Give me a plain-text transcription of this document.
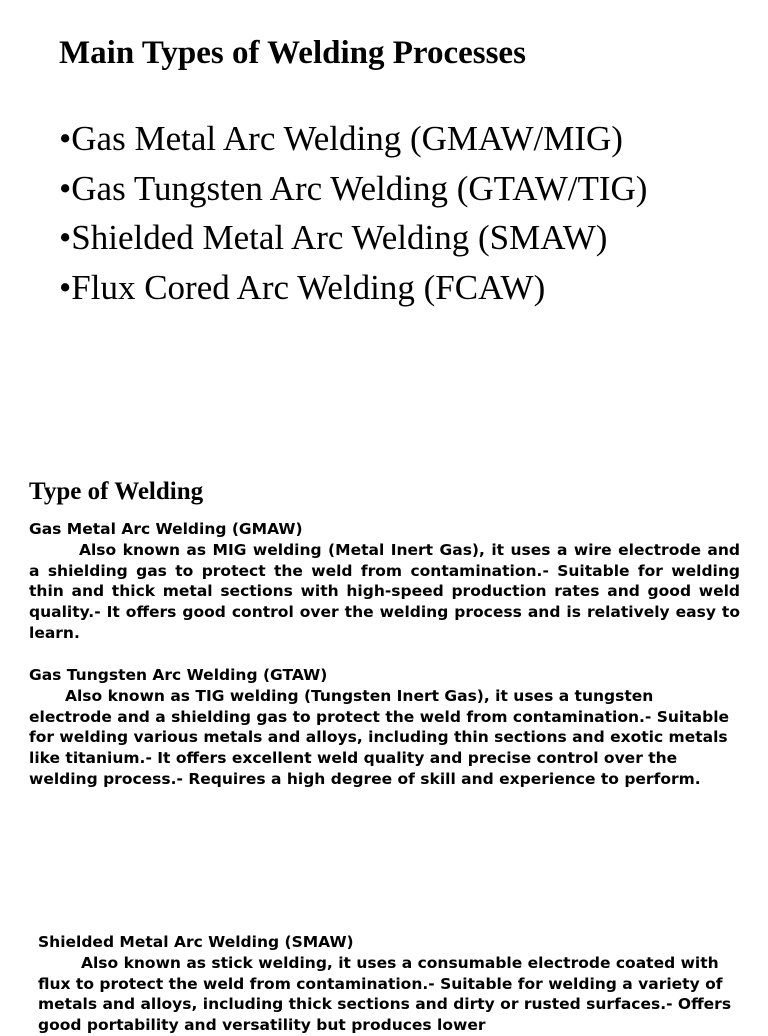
Main Types of Welding Processes
• Gas Metal Arc Welding (GMAW/MIG)
• Gas Tungsten Arc Welding (GTAW/TIG)
• Shielded Metal Arc Welding (SMAW)
• Flux Cored Arc Welding (FCAW)
Type of Welding

Gas Metal Arc Welding (GMAW)

Also known as MIG welding (Metal Inert Gas), it uses a wire electrode and a shielding gas to protect the weld from contamination.- Suitable for welding thin and thick metal sections with high-speed production rates and good weld quality.- It offers good control over the welding process and is relatively easy to learn.

Gas Tungsten Arc Welding (GTAW)

Also known as TIG welding (Tungsten Inert Gas), it uses a tungsten electrode and a shielding gas to protect the weld from contamination.- Suitable for welding various metals and alloys, including thin sections and exotic metals like titanium.- It offers excellent weld quality and precise control over the welding process.- Requires a high degree of skill and experience to perform.

Shielded Metal Arc Welding (SMAW)

Also known as stick welding, it uses a consumable electrode coated with flux to protect the weld from contamination.- Suitable for welding a variety of metals and alloys, including thick sections and dirty or rusted surfaces.- Offers good portability and versatility but produces lower
